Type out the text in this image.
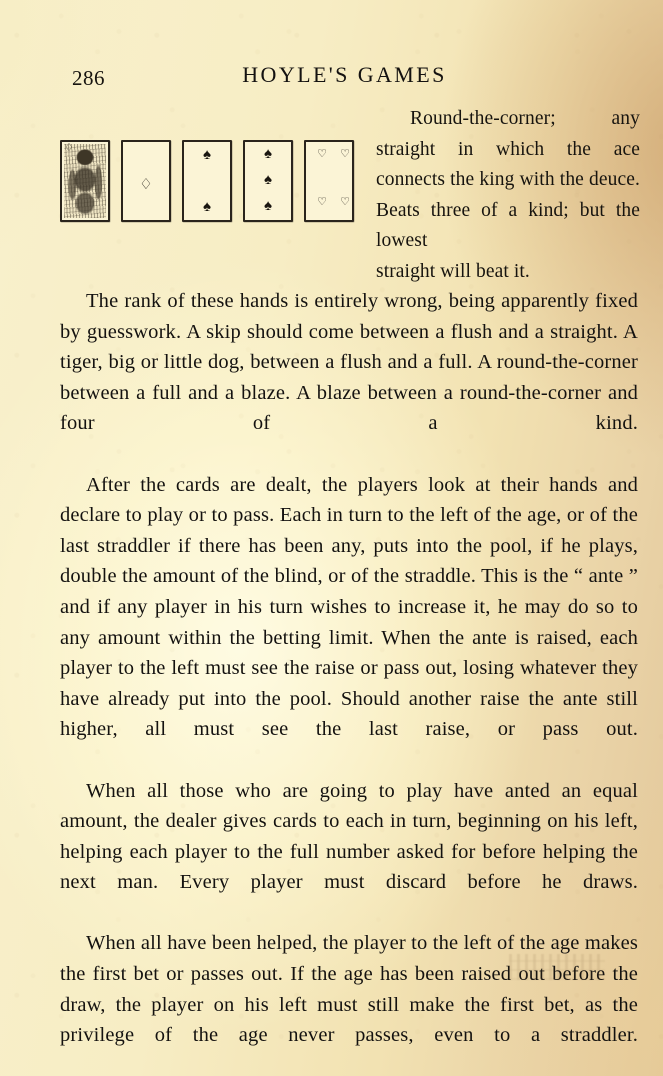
286	HOYLE'S GAMES
♢
♢
♠
♠
♠
♠
♠
♡ ♡
♡ ♡
Round-the-corner; any straight in which the ace connects the king with the deuce. Beats three of a kind; but the lowest
straight will beat it.

The rank of these hands is entirely wrong, being apparently fixed by guesswork. A skip should come between a flush and a straight. A tiger, big or little dog, between a flush and a full. A round-the-corner between a full and a blaze. A blaze between a round-the-corner and four of a kind.

After the cards are dealt, the players look at their hands and declare to play or to pass. Each in turn to the left of the age, or of the last straddler if there has been any, puts into the pool, if he plays, double the amount of the blind, or of the straddle. This is the “ ante ” and if any player in his turn wishes to increase it, he may do so to any amount within the betting limit. When the ante is raised, each player to the left must see the raise or pass out, losing whatever they have already put into the pool. Should another raise the ante still higher, all must see the last raise, or pass out.

When all those who are going to play have anted an equal amount, the dealer gives cards to each in turn, beginning on his left, helping each player to the full number asked for before helping the next man. Every player must discard before he draws.

When all have been helped, the player to the left of the age makes the first bet or passes out. If the age has been raised out before the draw, the player on his left must still make the first bet, as the privilege of the age never passes, even to a straddler.
